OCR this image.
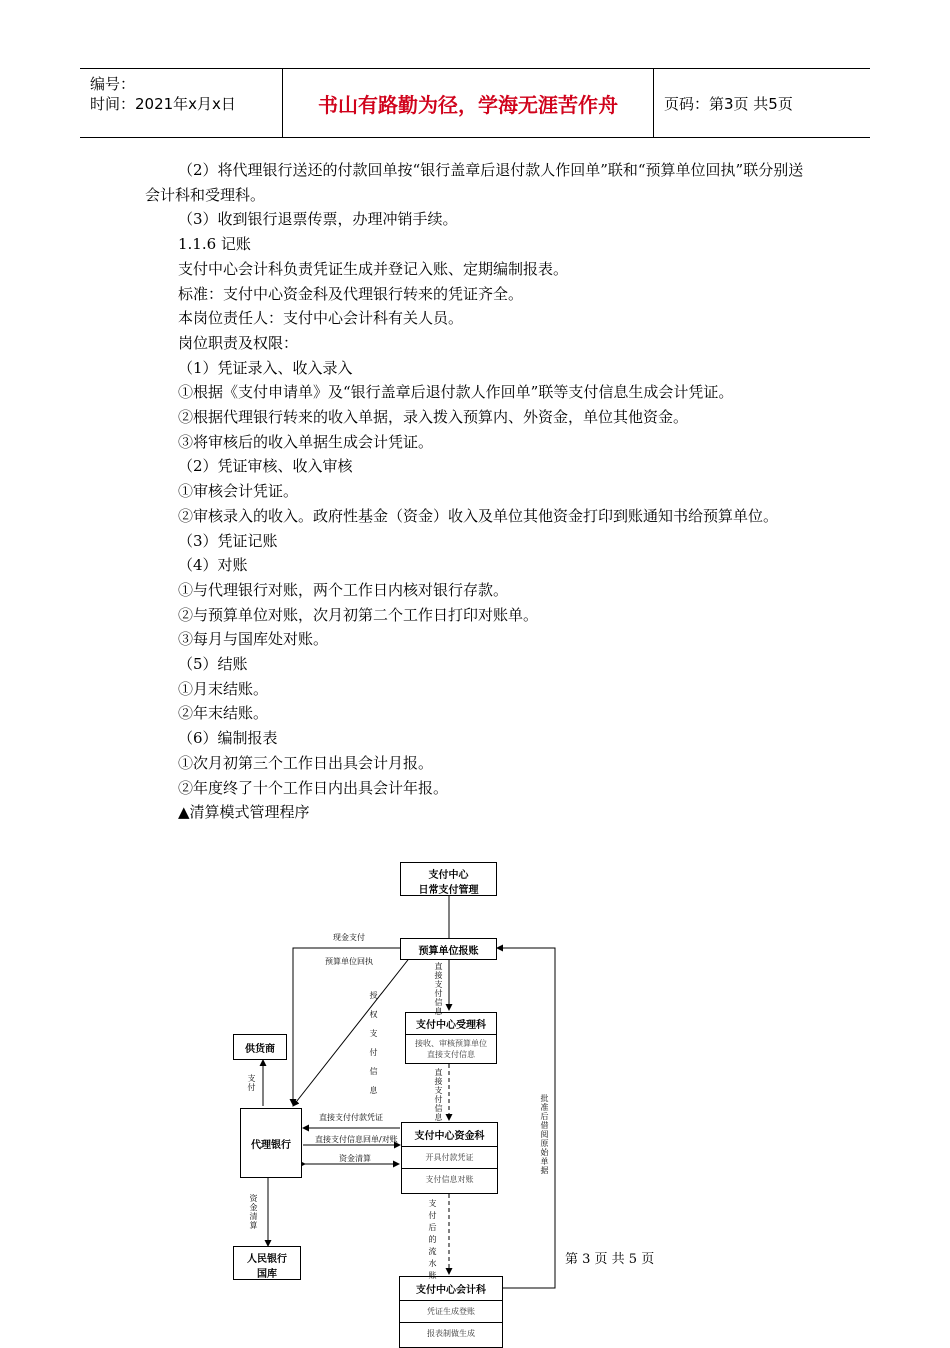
编号：
时间：2021年x月x日	书山有路勤为径，学海无涯苦作舟	页码：第3页 共5页

（2）将代理银行送还的付款回单按“银行盖章后退付款人作回单”联和“预算单位回执”联分别送会计科和受理科。

（3）收到银行退票传票，办理冲销手续。

1.1.6 记账

支付中心会计科负责凭证生成并登记入账、定期编制报表。

标准：支付中心资金科及代理银行转来的凭证齐全。

本岗位责任人：支付中心会计科有关人员。

岗位职责及权限：

（1）凭证录入、收入录入

①根据《支付申请单》及“银行盖章后退付款人作回单”联等支付信息生成会计凭证。

②根据代理银行转来的收入单据，录入拨入预算内、外资金，单位其他资金。

③将审核后的收入单据生成会计凭证。

（2）凭证审核、收入审核

①审核会计凭证。

②审核录入的收入。政府性基金（资金）收入及单位其他资金打印到账通知书给预算单位。

（3）凭证记账

（4）对账

①与代理银行对账，两个工作日内核对银行存款。

②与预算单位对账，次月初第二个工作日打印对账单。

③每月与国库处对账。

（5）结账

①月末结账。

②年末结账。

（6）编制报表

①次月初第三个工作日出具会计月报。

②年度终了十个工作日内出具会计年报。

▲清算模式管理程序

支付中心
日常支付管理
预算单位报账
支付中心受理科
接收、审核预算单位
直接支付信息
供货商
代理银行
支付中心资金科
开具付款凭证
支付信息对账
人民银行
国库
支付中心会计科
凭证生成登账
报表制做生成
现金支付
预算单位回执
授权支付信息
直接支付信息
直接支付信息
支付
直接支付付款凭证
直接支付信息回单/对账
资金清算
资金清算
支付后的流水账
批准后借阅原始单据
第 3 页 共 5 页
